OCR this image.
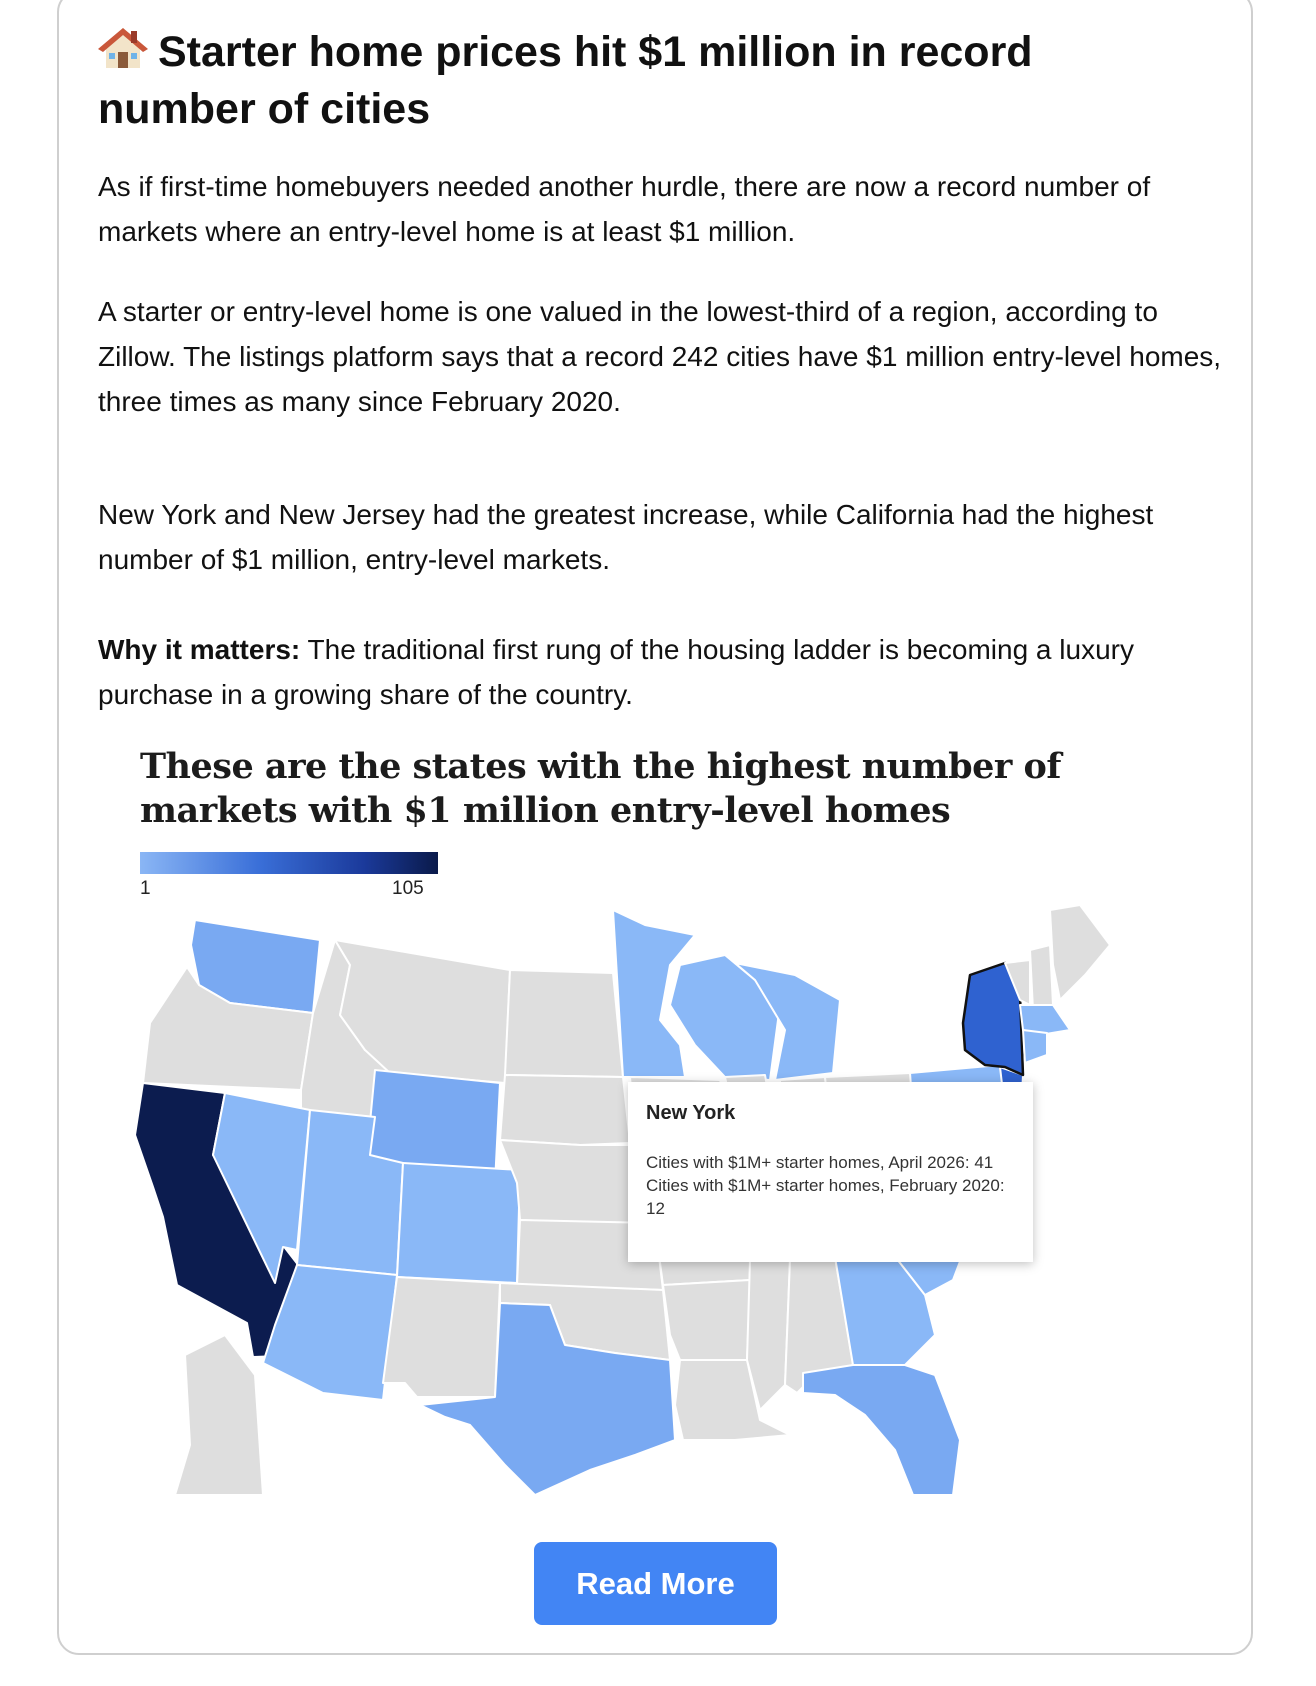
Starter home prices hit $1 million in record number of cities

As if first-time homebuyers needed another hurdle, there are now a record number of markets where an entry-level home is at least $1 million.

A starter or entry-level home is one valued in the lowest-third of a region, according to Zillow. The listings platform says that a record 242 cities have $1 million entry-level homes, three times as many since February 2020.

New York and New Jersey had the greatest increase, while California had the highest number of $1 million, entry-level markets.

Why it matters: The traditional first rung of the housing ladder is becoming a luxury purchase in a growing share of the country.

These are the states with the highest number of markets with $1 million entry-level homes
1	105
New York
Cities with $1M+ starter homes, April 2026: 41
Cities with $1M+ starter homes, February 2020: 12
Read More
